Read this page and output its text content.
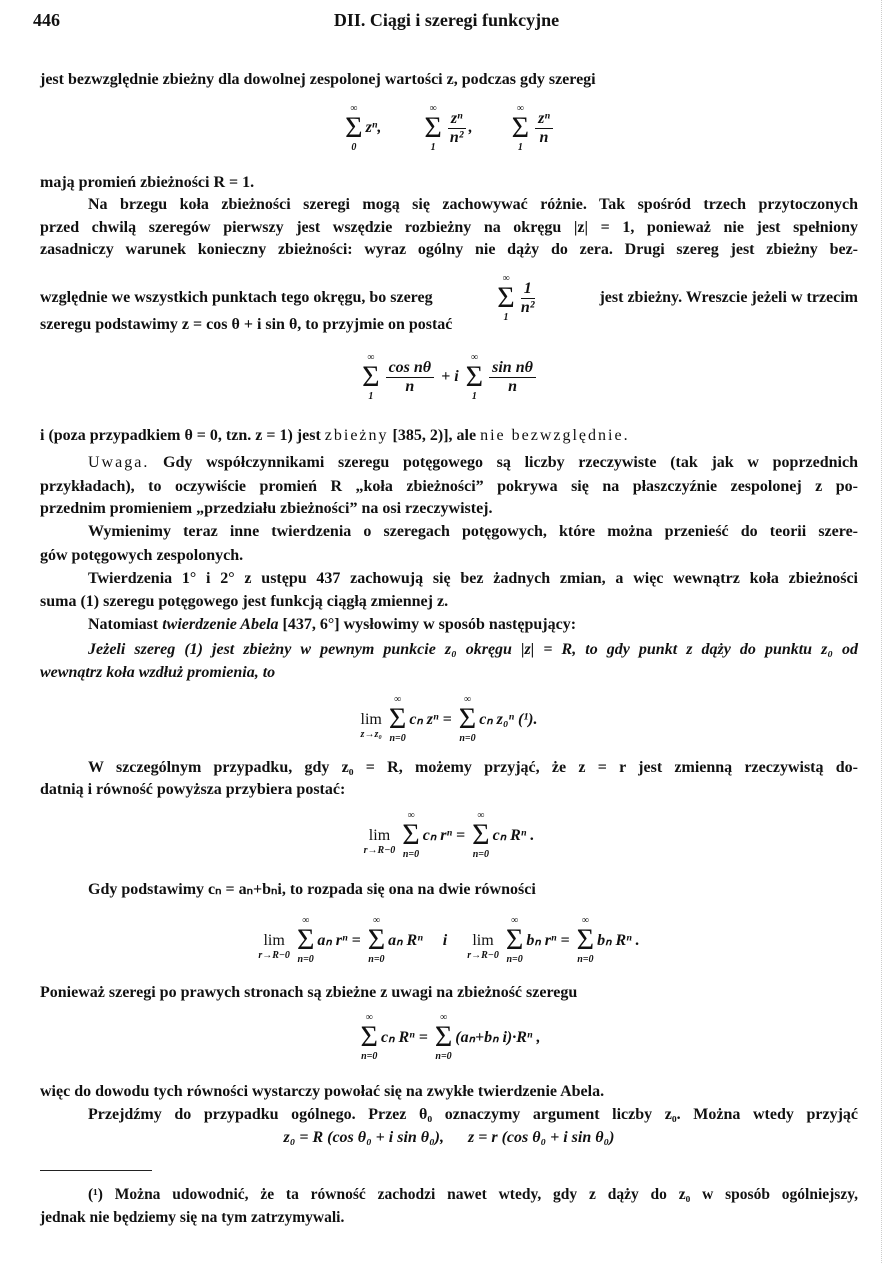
446	DII. Ciągi i szeregi funkcyjne
jest bezwzględnie zbieżny dla dowolnej zespolonej wartości z, podczas gdy szeregi
∞
Σ
0
zⁿ,
∞
Σ
1
$\frac{\text{zⁿ}}{\text{n²}}$ ,
∞
Σ
1
$\frac{\text{zⁿ}}{n}$
mają promień zbieżności R = 1.
Na brzegu koła zbieżności szeregi mogą się zachowywać różnie. Tak spośród trzech przytoczonych
przed chwilą szeregów pierwszy jest wszędzie rozbieżny na okręgu |z| = 1, ponieważ nie jest spełniony
zasadniczy warunek konieczny zbieżności: wyraz ogólny nie dąży do zera. Drugi szereg jest zbieżny bez-
względnie we wszystkich punktach tego okręgu, bo szereg
∞
Σ
1
$\frac{1}{\text{n²}}$	jest zbieżny. Wreszcie jeżeli w trzecim
szeregu podstawimy z = cos θ + i sin θ, to przyjmie on postać
∞
Σ
1
$\frac{\text{cos nθ}}{n} + i$
∞
Σ
1
$\frac{\text{sin nθ}}{n}$
i (poza przypadkiem θ = 0, tzn. z = 1) jest zbieżny [385, 2)], ale nie bezwzględnie.
Uwaga. Gdy współczynnikami szeregu potęgowego są liczby rzeczywiste (tak jak w poprzednich
przykładach), to oczywiście promień R „koła zbieżności” pokrywa się na płaszczyźnie zespolonej z po-
przednim promieniem „przedziału zbieżności” na osi rzeczywistej.
Wymienimy teraz inne twierdzenia o szeregach potęgowych, które można przenieść do teorii szere-
gów potęgowych zespolonych.
Twierdzenia 1° i 2° z ustępu 437 zachowują się bez żadnych zmian, a więc wewnątrz koła zbieżności
suma (1) szeregu potęgowego jest funkcją ciągłą zmiennej z.
Natomiast twierdzenie Abela [437, 6°] wysłowimy w sposób następujący:
Jeżeli szereg (1) jest zbieżny w pewnym punkcie z₀ okręgu |z| = R, to gdy punkt z dąży do punktu z₀ od
wewnątrz koła wzdłuż promienia, to
lim
z→z₀
∞
Σ
n=0
cₙ zⁿ =
∞
Σ
n=0
cₙ z₀ⁿ (¹).
W szczególnym przypadku, gdy z₀ = R, możemy przyjąć, że z = r jest zmienną rzeczywistą do-
datnią i równość powyższa przybiera postać:
lim
r→R−0
∞
Σ
n=0
cₙ rⁿ =
∞
Σ
n=0
cₙ Rⁿ .
Gdy podstawimy cₙ = aₙ+bₙi, to rozpada się ona na dwie równości
lim
r→R−0
∞
Σ
n=0
aₙ rⁿ =
∞
Σ
n=0
aₙ Rⁿ     i lim
r→R−0
∞
Σ
n=0
bₙ rⁿ =
∞
Σ
n=0
bₙ Rⁿ .
Ponieważ szeregi po prawych stronach są zbieżne z uwagi na zbieżność szeregu
∞
Σ
n=0
cₙ Rⁿ =
∞
Σ
n=0
(aₙ+bₙ i)·Rⁿ ,
więc do dowodu tych równości wystarczy powołać się na zwykłe twierdzenie Abela.
Przejdźmy do przypadku ogólnego. Przez θ₀ oznaczymy argument liczby z₀. Można wtedy przyjąć
z₀ = R (cos θ₀ + i sin θ₀),      z = r (cos θ₀ + i sin θ₀)
(¹) Można udowodnić, że ta równość zachodzi nawet wtedy, gdy z dąży do z₀ w sposób ogólniejszy,
jednak nie będziemy się na tym zatrzymywali.
